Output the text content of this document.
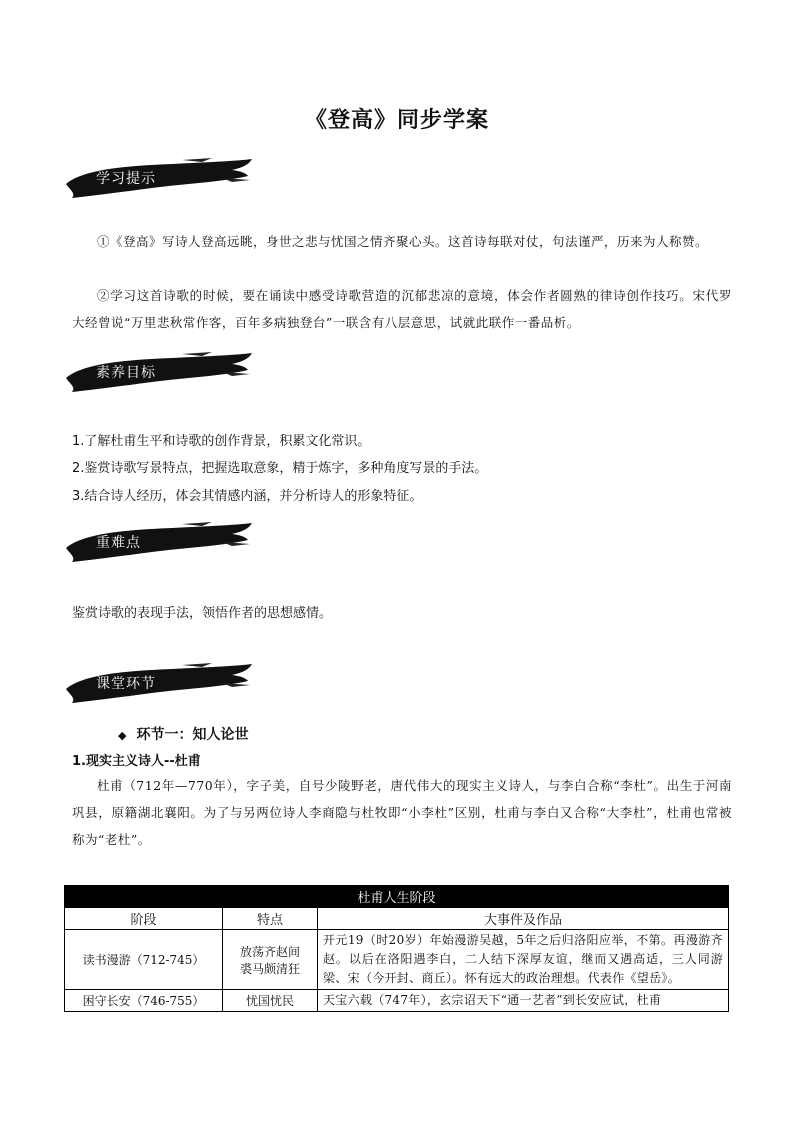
《登高》同步学案
学习提示
①《登高》写诗人登高远眺，身世之悲与忧国之情齐聚心头。这首诗每联对仗，句法谨严，历来为人称赞。
②学习这首诗歌的时候，要在诵读中感受诗歌营造的沉郁悲凉的意境，体会作者圆熟的律诗创作技巧。宋代罗大经曾说“万里悲秋常作客，百年多病独登台”一联含有八层意思，试就此联作一番品析。
素养目标
1.了解杜甫生平和诗歌的创作背景，积累文化常识。
2.鉴赏诗歌写景特点，把握选取意象，精于炼字，多种角度写景的手法。
3.结合诗人经历，体会其情感内涵，并分析诗人的形象特征。
重难点
鉴赏诗歌的表现手法，领悟作者的思想感情。
课堂环节
◆ 环节一：知人论世
1.现实主义诗人--杜甫
杜甫（712年—770年），字子美，自号少陵野老，唐代伟大的现实主义诗人，与李白合称“李杜”。出生于河南巩县，原籍湖北襄阳。为了与另两位诗人李商隐与杜牧即“小李杜”区别，杜甫与李白又合称“大李杜”，杜甫也常被称为“老杜”。
杜甫人生阶段		
阶段	特点	大事件及作品
读书漫游（712-745）	放荡齐赵间裘马颇清狂	开元19（时20岁）年始漫游吴越，5年之后归洛阳应举，不第。再漫游齐赵。以后在洛阳遇李白，二人结下深厚友谊，继而又遇高适，三人同游梁、宋（今开封、商丘）。怀有远大的政治理想。代表作《望岳》。
困守长安（746-755）	忧国忧民	天宝六载（747年），玄宗诏天下“通一艺者”到长安应试，杜甫
